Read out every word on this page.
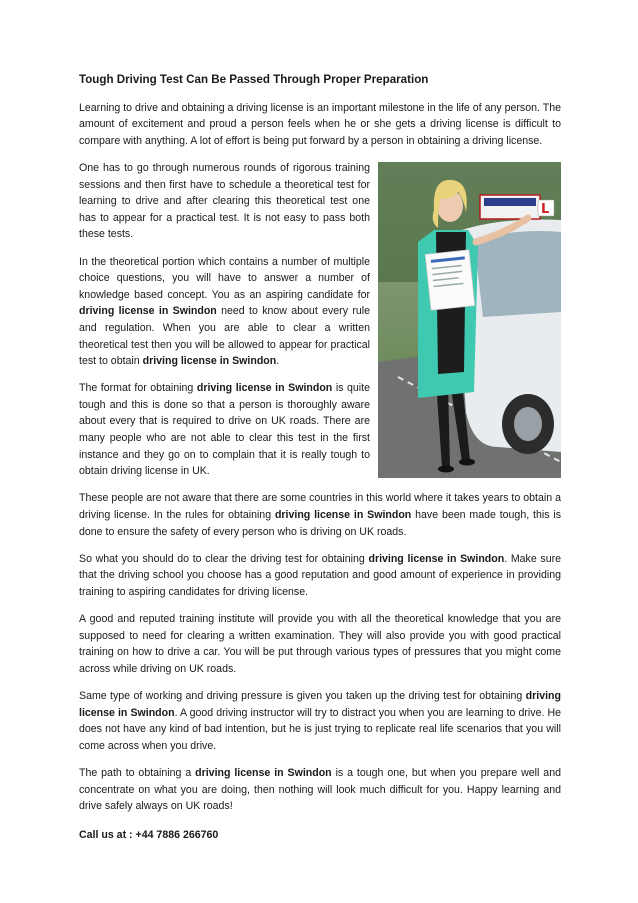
Tough Driving Test Can Be Passed Through Proper Preparation

Learning to drive and obtaining a driving license is an important milestone in the life of any person. The amount of excitement and proud a person feels when he or she gets a driving license is difficult to compare with anything. A lot of effort is being put forward by a person in obtaining a driving license.

L

One has to go through numerous rounds of rigorous training sessions and then first have to schedule a theoretical test for learning to drive and after clearing this theoretical test one has to appear for a practical test. It is not easy to pass both these tests.

In the theoretical portion which contains a number of multiple choice questions, you will have to answer a number of knowledge based concept. You as an aspiring candidate for driving license in Swindon need to know about every rule and regulation. When you are able to clear a written theoretical test then you will be allowed to appear for practical test to obtain driving license in Swindon.

The format for obtaining driving license in Swindon is quite tough and this is done so that a person is thoroughly aware about every that is required to drive on UK roads. There are many people who are not able to clear this test in the first instance and they go on to complain that it is really tough to obtain driving license in UK.

These people are not aware that there are some countries in this world where it takes years to obtain a driving license. In the rules for obtaining driving license in Swindon have been made tough, this is done to ensure the safety of every person who is driving on UK roads.

So what you should do to clear the driving test for obtaining driving license in Swindon. Make sure that the driving school you choose has a good reputation and good amount of experience in providing training to aspiring candidates for driving license.

A good and reputed training institute will provide you with all the theoretical knowledge that you are supposed to need for clearing a written examination. They will also provide you with good practical training on how to drive a car. You will be put through various types of pressures that you might come across while driving on UK roads.

Same type of working and driving pressure is given you taken up the driving test for obtaining driving license in Swindon. A good driving instructor will try to distract you when you are learning to drive. He does not have any kind of bad intention, but he is just trying to replicate real life scenarios that you will come across when you drive.

The path to obtaining a driving license in Swindon is a tough one, but when you prepare well and concentrate on what you are doing, then nothing will look much difficult for you. Happy learning and drive safely always on UK roads!

Call us at : +44 7886 266760
